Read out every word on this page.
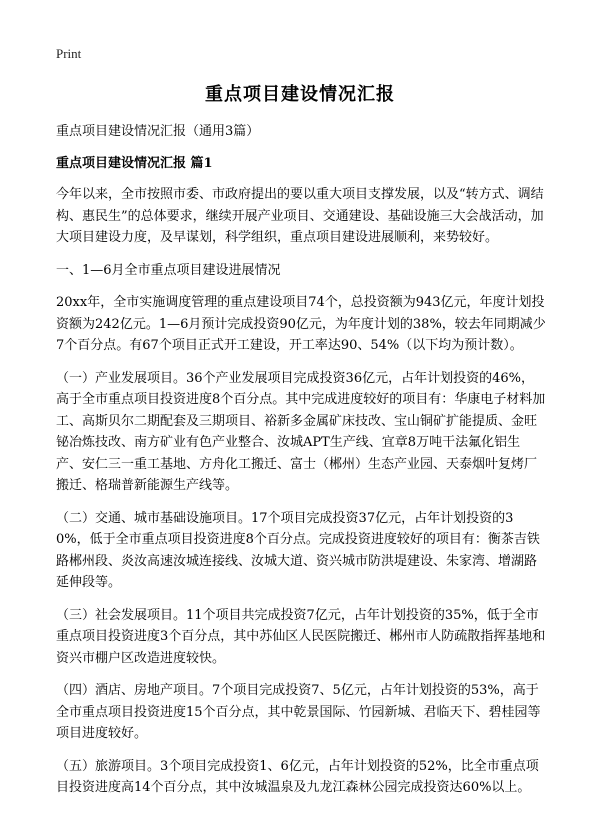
Print
重点项目建设情况汇报

重点项目建设情况汇报（通用3篇）

重点项目建设情况汇报 篇1

今年以来，全市按照市委、市政府提出的要以重大项目支撑发展，以及“转方式、调结构、惠民生”的总体要求，继续开展产业项目、交通建设、基础设施三大会战活动，加大项目建设力度，及早谋划，科学组织，重点项目建设进展顺利，来势较好。

一、1—6月全市重点项目建设进展情况

20xx年，全市实施调度管理的重点建设项目74个，总投资额为943亿元，年度计划投资额为242亿元。1—6月预计完成投资90亿元，为年度计划的38%，较去年同期减少7个百分点。有67个项目正式开工建设，开工率达90、54%（以下均为预计数）。

（一）产业发展项目。36个产业发展项目完成投资36亿元，占年计划投资的46%，高于全市重点项目投资进度8个百分点。其中完成进度较好的项目有：华康电子材料加工、高斯贝尔二期配套及三期项目、裕新多金属矿床技改、宝山铜矿扩能提质、金旺铋冶炼技改、南方矿业有色产业整合、汝城APT生产线、宜章8万吨干法氟化铝生产、安仁三一重工基地、方舟化工搬迁、富士（郴州）生态产业园、天泰烟叶复烤厂搬迁、格瑞普新能源生产线等。

（二）交通、城市基础设施项目。17个项目完成投资37亿元，占年计划投资的30%，低于全市重点项目投资进度8个百分点。完成投资进度较好的项目有：衡茶吉铁路郴州段、炎汝高速汝城连接线、汝城大道、资兴城市防洪堤建设、朱家湾、增湖路延伸段等。

（三）社会发展项目。11个项目共完成投资7亿元，占年计划投资的35%，低于全市重点项目投资进度3个百分点，其中苏仙区人民医院搬迁、郴州市人防疏散指挥基地和资兴市棚户区改造进度较快。

（四）酒店、房地产项目。7个项目完成投资7、5亿元，占年计划投资的53%，高于全市重点项目投资进度15个百分点，其中乾景国际、竹园新城、君临天下、碧桂园等项目进度较好。

（五）旅游项目。3个项目完成投资1、6亿元，占年计划投资的52%，比全市重点项目投资进度高14个百分点，其中汝城温泉及九龙江森林公园完成投资达60%以上。
